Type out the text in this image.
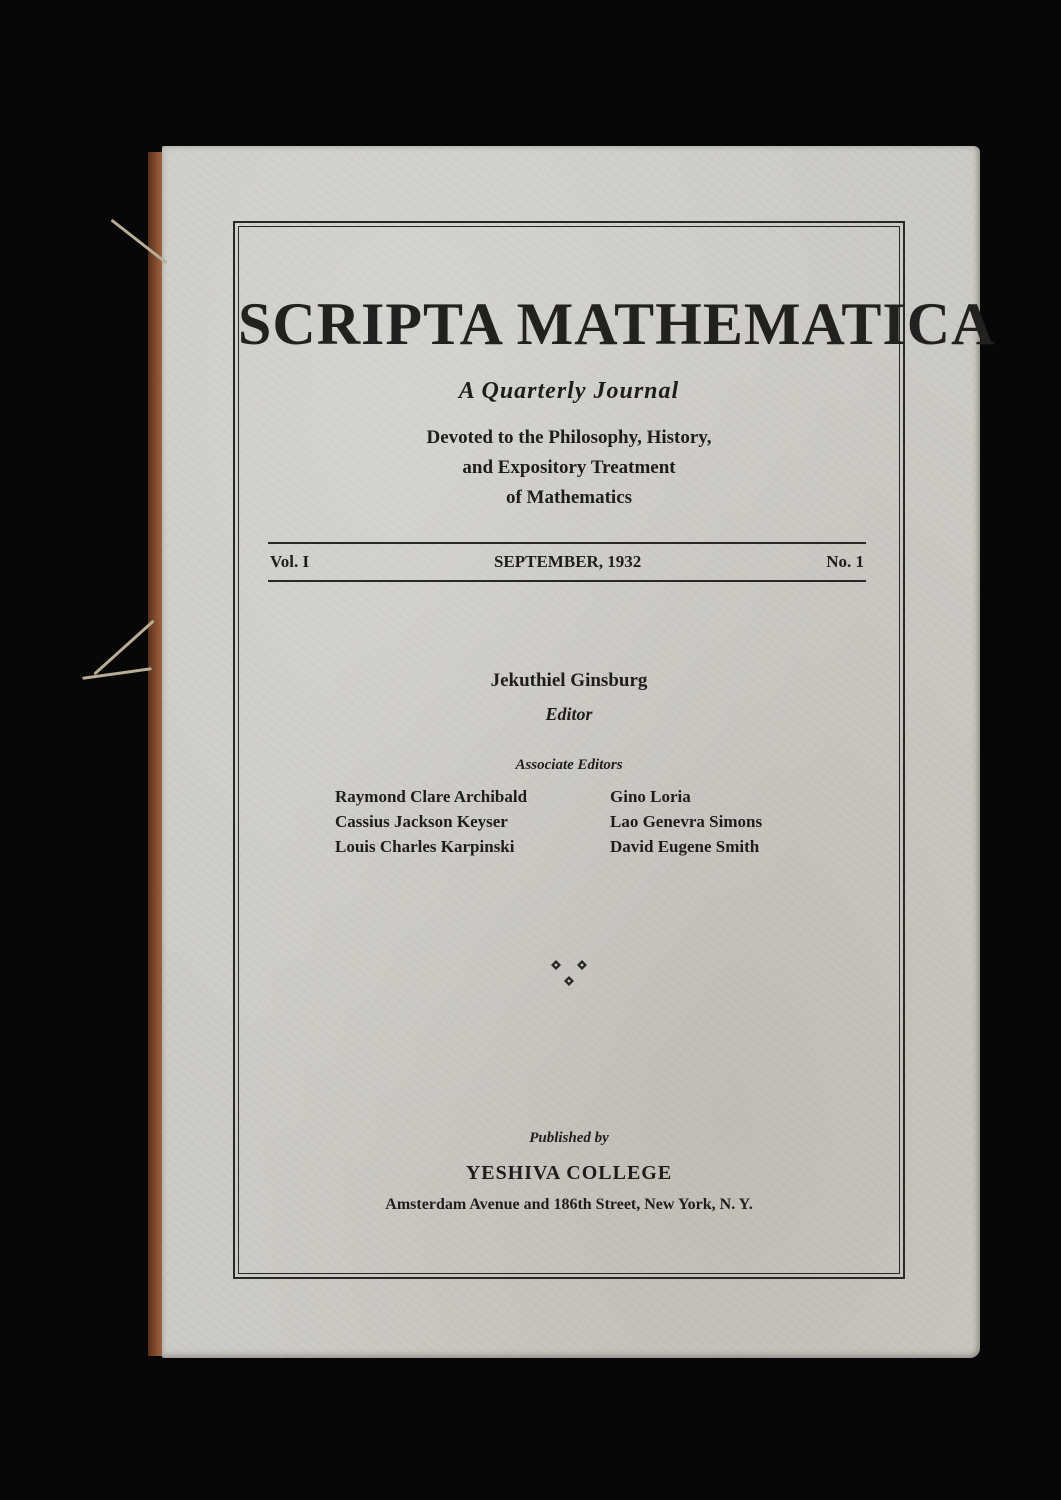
SCRIPTA MATHEMATICA
A Quarterly Journal
Devoted to the Philosophy, History,
and Expository Treatment
of Mathematics
Vol. I	SEPTEMBER, 1932	No. 1
Jekuthiel Ginsburg
Editor
Associate Editors
Raymond Clare Archibald
Cassius Jackson Keyser
Louis Charles Karpinski
Gino Loria
Lao Genevra Simons
David Eugene Smith
Published by
YESHIVA COLLEGE
Amsterdam Avenue and 186th Street, New York, N. Y.
